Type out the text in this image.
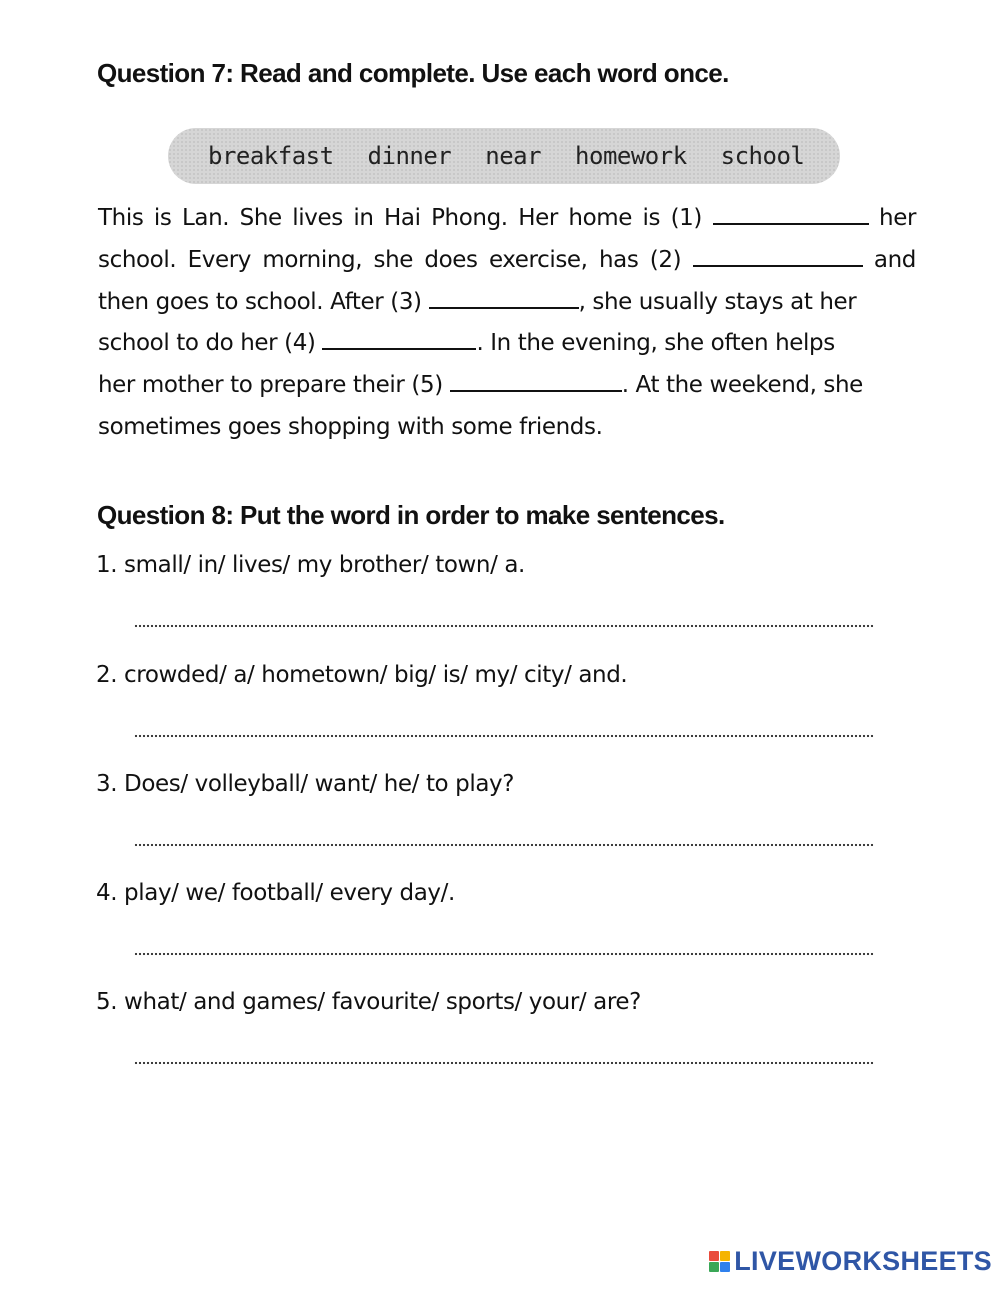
Question 7: Read and complete. Use each word once.
breakfast dinner near homework school
This is Lan. She lives in Hai Phong. Her home is (1)	her
school. Every morning, she does exercise, has (2)	and
then goes to school. After (3)	, she usually stays at her
school to do her (4)	. In the evening, she often helps
her mother to prepare their (5)	. At the weekend, she
sometimes goes shopping with some friends.
Question 8: Put the word in order to make sentences.
1. small/ in/ lives/ my brother/ town/ a.
2. crowded/ a/ hometown/ big/ is/ my/ city/ and.
3. Does/ volleyball/ want/ he/ to play?
4. play/ we/ football/ every day/.
5. what/ and games/ favourite/ sports/ your/ are?
LIVEWORKSHEETS
